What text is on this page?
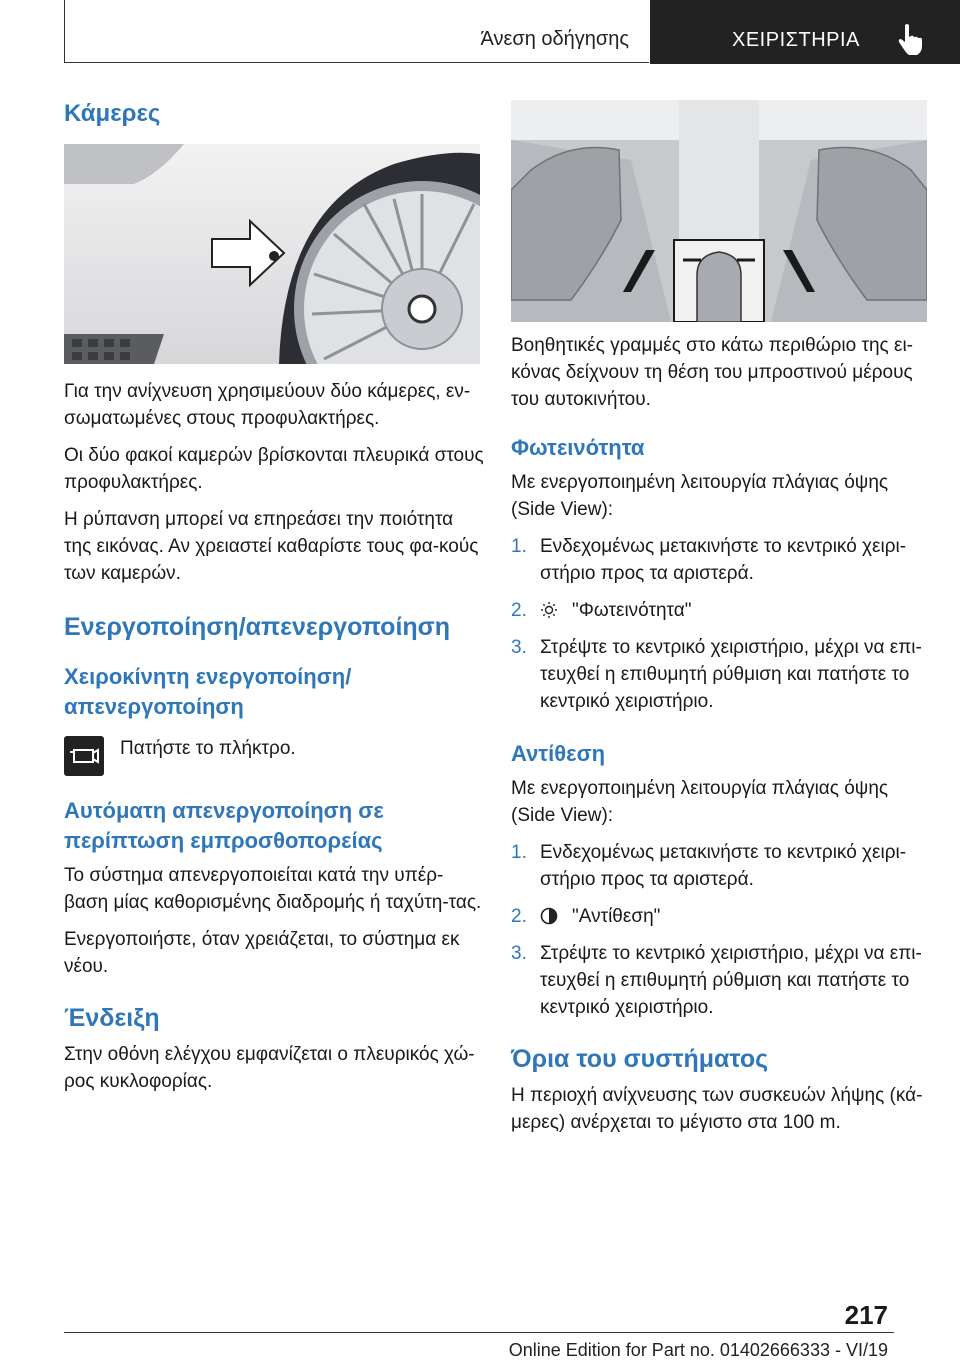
Άνεση οδήγησης	ΧΕΙΡΙΣΤΗΡΙΑ
Κάμερες

Για την ανίχνευση χρησιμεύουν δύο κάμερες, εν-σωματωμένες στους προφυλακτήρες.

Οι δύο φακοί καμερών βρίσκονται πλευρικά στους προφυλακτήρες.

Η ρύπανση μπορεί να επηρεάσει την ποιότητα της εικόνας. Αν χρειαστεί καθαρίστε τους φα-κούς των καμερών.

Ενεργοποίηση/απενεργοποίηση
Χειροκίνητη ενεργοποίηση/απενεργοποίηση
Πατήστε το πλήκτρο.
Αυτόματη απενεργοποίηση σε περίπτωση εμπροσθοπορείας

Το σύστημα απενεργοποιείται κατά την υπέρ-βαση μίας καθορισμένης διαδρομής ή ταχύτη-τας.

Ενεργοποιήστε, όταν χρειάζεται, το σύστημα εκ νέου.

Ένδειξη

Στην οθόνη ελέγχου εμφανίζεται ο πλευρικός χώ-ρος κυκλοφορίας.

Βοηθητικές γραμμές στο κάτω περιθώριο της ει-κόνας δείχνουν τη θέση του μπροστινού μέρους του αυτοκινήτου.

Φωτεινότητα

Με ενεργοποιημένη λειτουργία πλάγιας όψης (Side View):

1. Ενδεχομένως μετακινήστε το κεντρικό χειρι-στήριο προς τα αριστερά.
2. "Φωτεινότητα"
3. Στρέψτε το κεντρικό χειριστήριο, μέχρι να επι-τευχθεί η επιθυμητή ρύθμιση και πατήστε το κεντρικό χειριστήριο.
Αντίθεση

Με ενεργοποιημένη λειτουργία πλάγιας όψης (Side View):

1. Ενδεχομένως μετακινήστε το κεντρικό χειρι-στήριο προς τα αριστερά.
2. "Αντίθεση"
3. Στρέψτε το κεντρικό χειριστήριο, μέχρι να επι-τευχθεί η επιθυμητή ρύθμιση και πατήστε το κεντρικό χειριστήριο.
Όρια του συστήματος

Η περιοχή ανίχνευσης των συσκευών λήψης (κά-μερες) ανέρχεται το μέγιστο στα 100 m.

217
Online Edition for Part no. 01402666333 - VI/19
